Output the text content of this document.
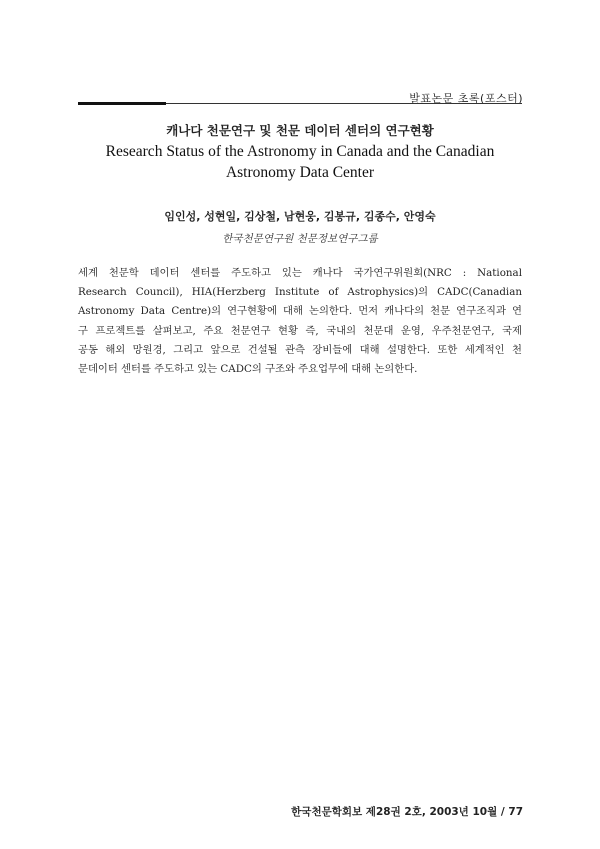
발표논문 초록(포스터)
캐나다 천문연구 및 천문 데이터 센터의 연구현황
Research Status of the Astronomy in Canada and the Canadian
Astronomy Data Center
임인성, 성현일, 김상철, 남현웅, 김봉규, 김종수, 안영숙
한국천문연구원 천문정보연구그룹
세계 천문학 데이터 센터를 주도하고 있는 캐나다 국가연구위원회(NRC : National
Research Council), HIA(Herzberg Institute of Astrophysics)의 CADC(Canadian
Astronomy Data Centre)의 연구현황에 대해 논의한다. 먼저 캐나다의 천문 연구조직과 연
구 프로젝트를 살펴보고, 주요 천문연구 현황 즉, 국내의 천문대 운영, 우주천문연구, 국제
공동 해외 망원경, 그리고 앞으로 건설될 관측 장비들에 대해 설명한다. 또한 세계적인 천
문데이터 센터를 주도하고 있는 CADC의 구조와 주요업무에 대해 논의한다.
한국천문학회보 제28권 2호, 2003년 10월 / 77
